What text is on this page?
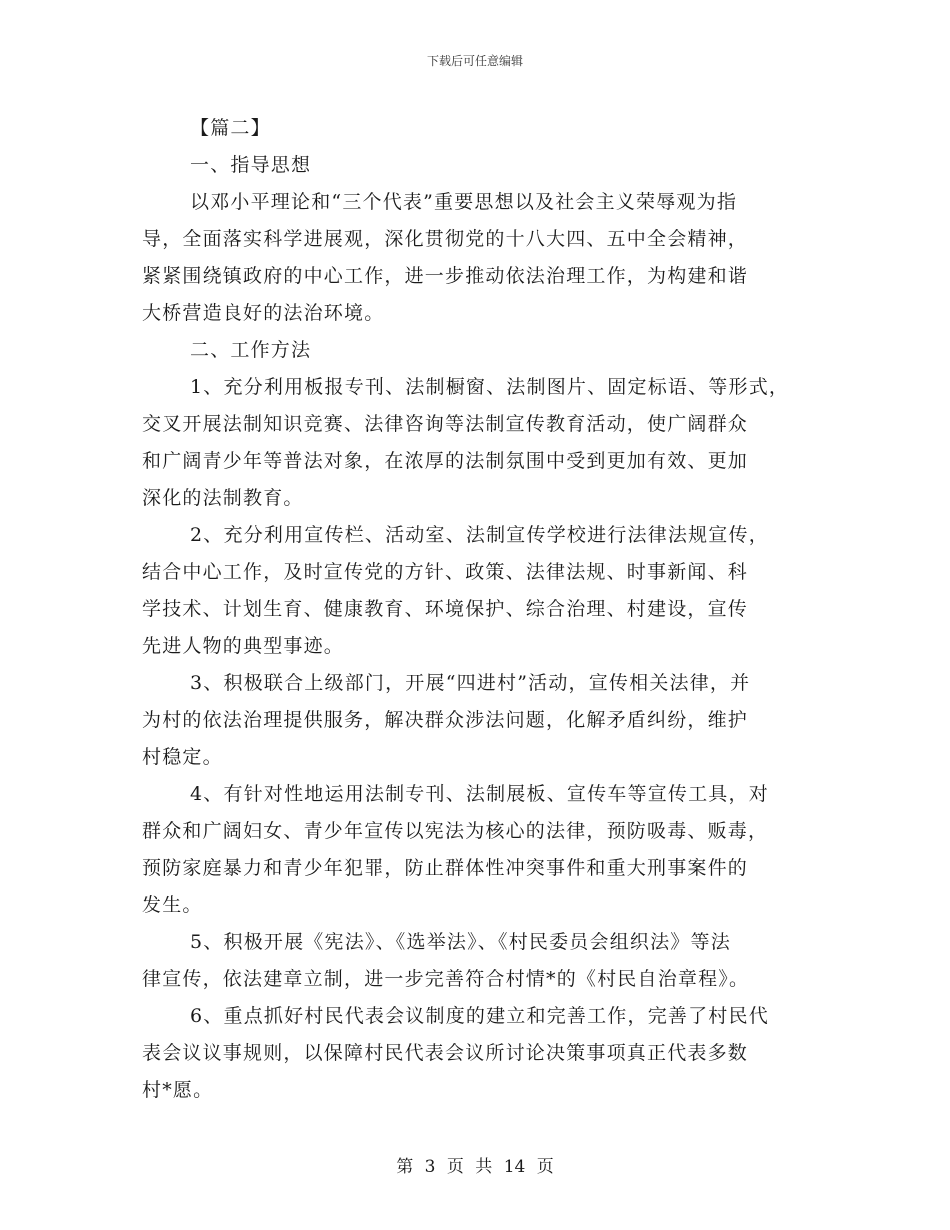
下载后可任意编辑
【篇二】
一、指导思想
以邓小平理论和“三个代表”重要思想以及社会主义荣辱观为指
导，全面落实科学进展观，深化贯彻党的十八大四、五中全会精神，
紧紧围绕镇政府的中心工作，进一步推动依法治理工作，为构建和谐
大桥营造良好的法治环境。
二、工作方法
1、充分利用板报专刊、法制橱窗、法制图片、固定标语、等形式，
交叉开展法制知识竞赛、法律咨询等法制宣传教育活动，使广阔群众
和广阔青少年等普法对象，在浓厚的法制氛围中受到更加有效、更加
深化的法制教育。
2、充分利用宣传栏、活动室、法制宣传学校进行法律法规宣传，
结合中心工作，及时宣传党的方针、政策、法律法规、时事新闻、科
学技术、计划生育、健康教育、环境保护、综合治理、村建设，宣传
先进人物的典型事迹。
3、积极联合上级部门，开展“四进村”活动，宣传相关法律，并
为村的依法治理提供服务，解决群众涉法问题，化解矛盾纠纷，维护
村稳定。
4、有针对性地运用法制专刊、法制展板、宣传车等宣传工具，对
群众和广阔妇女、青少年宣传以宪法为核心的法律，预防吸毒、贩毒，
预防家庭暴力和青少年犯罪，防止群体性冲突事件和重大刑事案件的
发生。
5、积极开展《宪法》、《选举法》、《村民委员会组织法》等法
律宣传，依法建章立制，进一步完善符合村情*的《村民自治章程》。
6、重点抓好村民代表会议制度的建立和完善工作，完善了村民代
表会议议事规则，以保障村民代表会议所讨论决策事项真正代表多数
村*愿。
第 3 页 共 14 页
